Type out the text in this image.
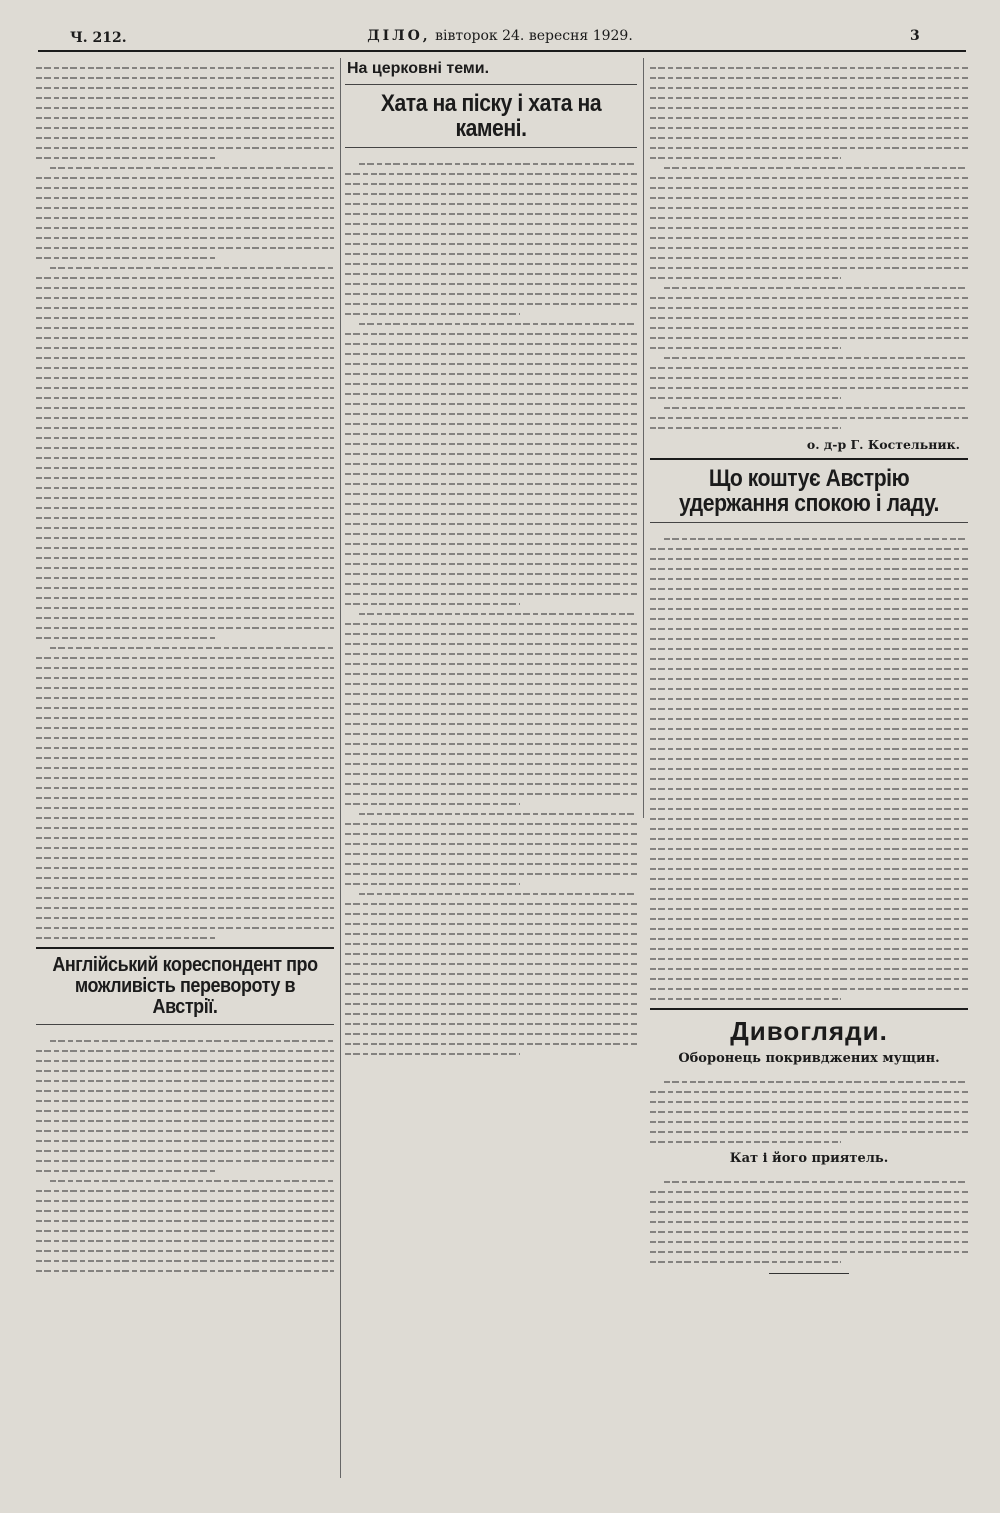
Ч. 212.	ДІЛО, вівторок 24. вересня 1929.	3
Англійський кореспондент про можливість перевороту в Австрії.
На церковні теми.
Хата на піску і хата на камені.
о. д-р Г. Костельник.
Що коштує Австрію удержання спокою і ладу.
Дивогляди.
Оборонець покривджених мущин.
Кат і його приятель.
